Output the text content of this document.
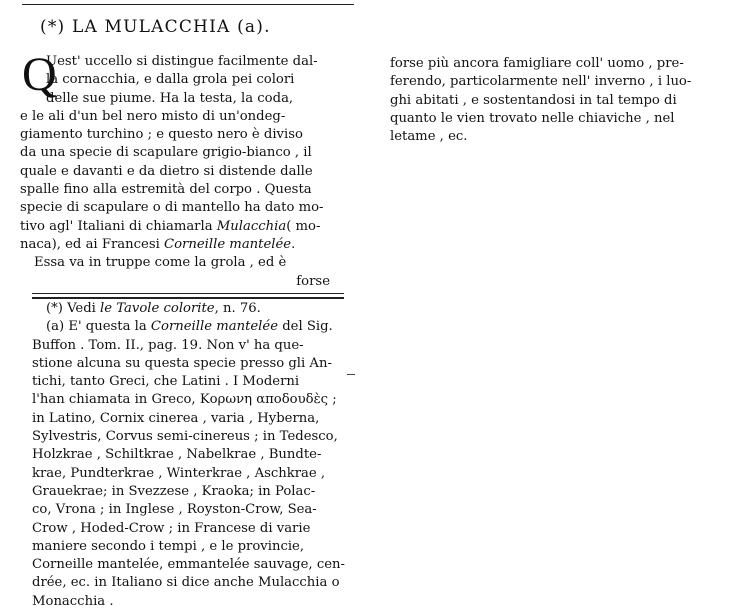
(*) LA MULACCHIA (a).
Q
Uest' uccello si distingue facilmente dal-
la cornacchia, e dalla grola pei colori
delle sue piume. Ha la testa, la coda,
e le ali d'un bel nero misto di un'ondeg-
giamento turchino ; e questo nero è diviso
da una specie di scapulare grigio-bianco , il
quale e davanti e da dietro si distende dalle
spalle fino alla estremità del corpo . Questa
specie di scapulare o di mantello ha dato mo-
tivo agl' Italiani di chiamarla Mulacchia( mo-
naca), ed ai Francesi Corneille mantelée.
Essa va in truppe come la grola , ed è
forse
(*) Vedi le Tavole colorite, n. 76.
(a) E' questa la Corneille mantelée del Sig.
Buffon . Tom. II., pag. 19. Non v' ha que-
stione alcuna su questa specie presso gli An-
tichi, tanto Greci, che Latini . I Moderni
l'han chiamata in Greco, Κορωνη αποδουδὲς ;
in Latino, Cornix cinerea , varia , Hyberna,
Sylvestris, Corvus semi-cinereus ; in Tedesco,
Holzkrae , Schiltkrae , Nabelkrae , Bundte-
krae, Pundterkrae , Winterkrae , Aschkrae ,
Grauekrae; in Svezzese , Kraoka; in Polac-
co, Vrona ; in Inglese , Royston-Crow, Sea-
Crow , Hoded-Crow ; in Francese di varie
maniere secondo i tempi , e le provincie,
Corneille mantelée, emmantelée sauvage, cen-
drée, ec. in Italiano si dice anche Mulacchia o
Monacchia .
forse più ancora famigliare coll' uomo , pre-
ferendo, particolarmente nell' inverno , i luo-
ghi abitati , e sostentandosi in tal tempo di
quanto le vien trovato nelle chiaviche , nel
letame , ec.
